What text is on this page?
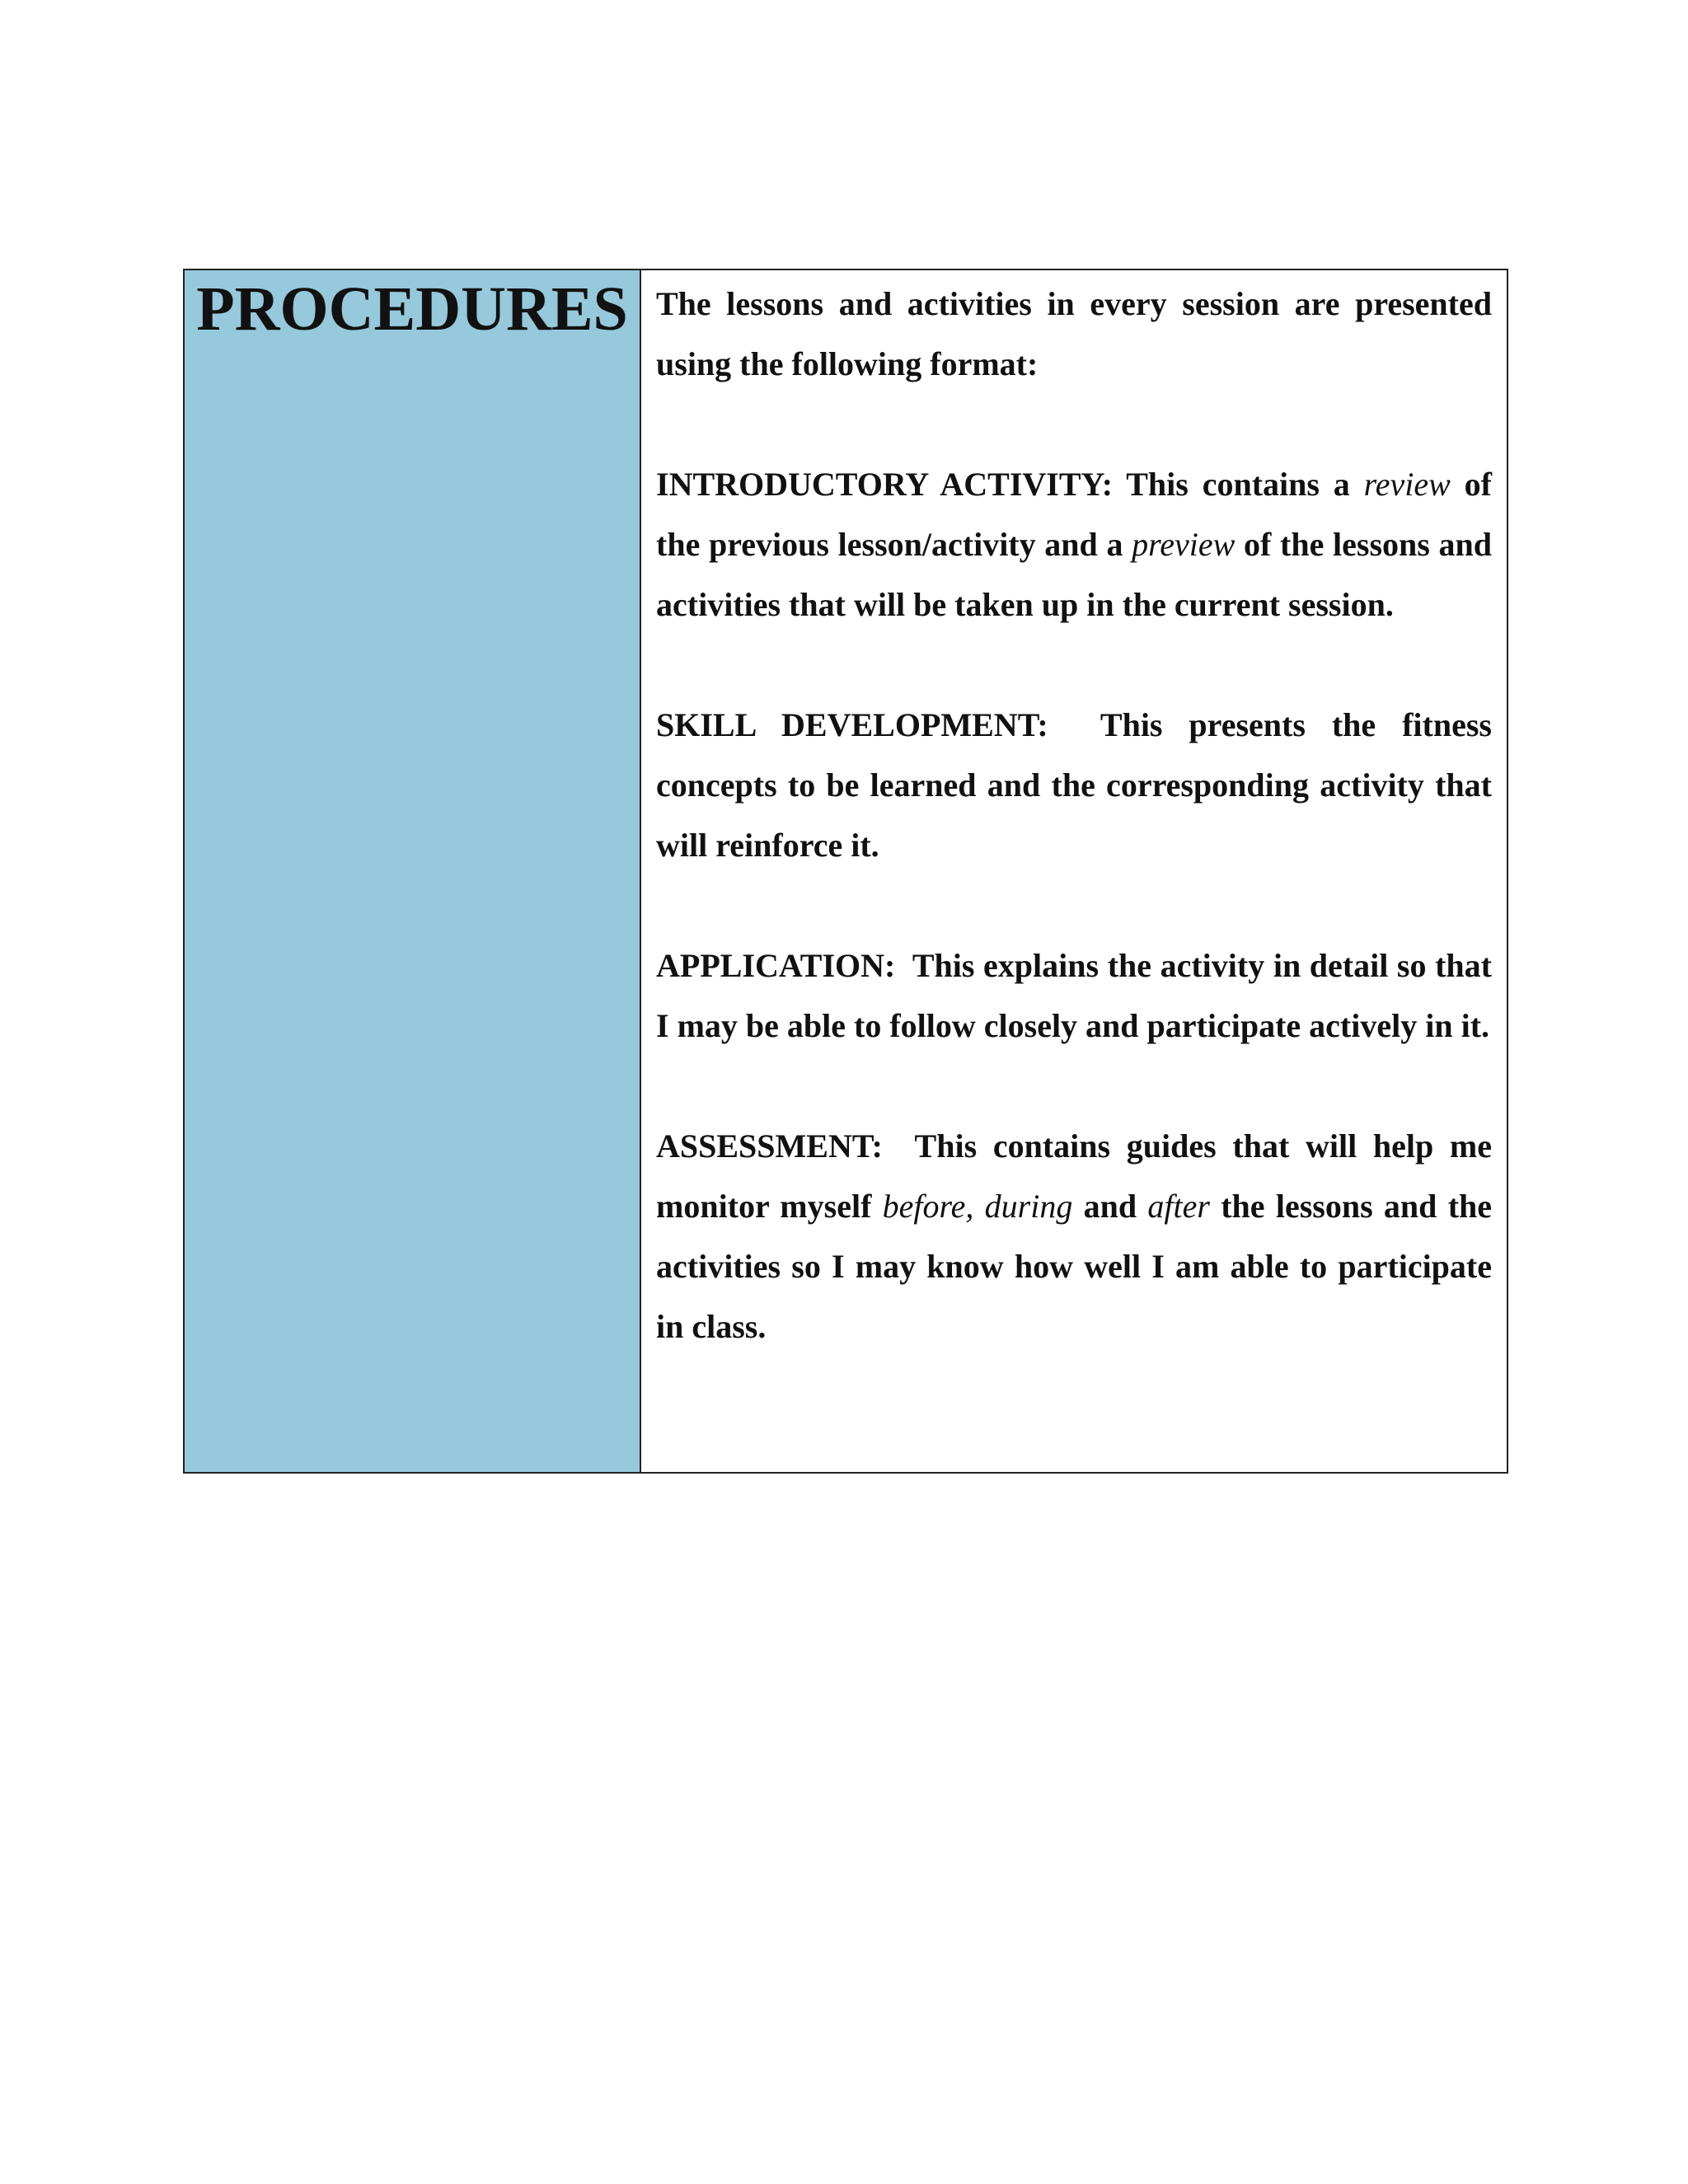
PROCEDURES The lessons and activities in every session are presented using the following format:

INTRODUCTORY ACTIVITY: This contains a review of the previous lesson/activity and a preview of the lessons and activities that will be taken up in the current session.

SKILL DEVELOPMENT:  This presents the fitness concepts to be learned and the corresponding activity that will reinforce it.

APPLICATION:  This explains the activity in detail so that I may be able to follow closely and participate actively in it.

ASSESSMENT:  This contains guides that will help me monitor myself before, during and after the lessons and the activities so I may know how well I am able to participate in class.
